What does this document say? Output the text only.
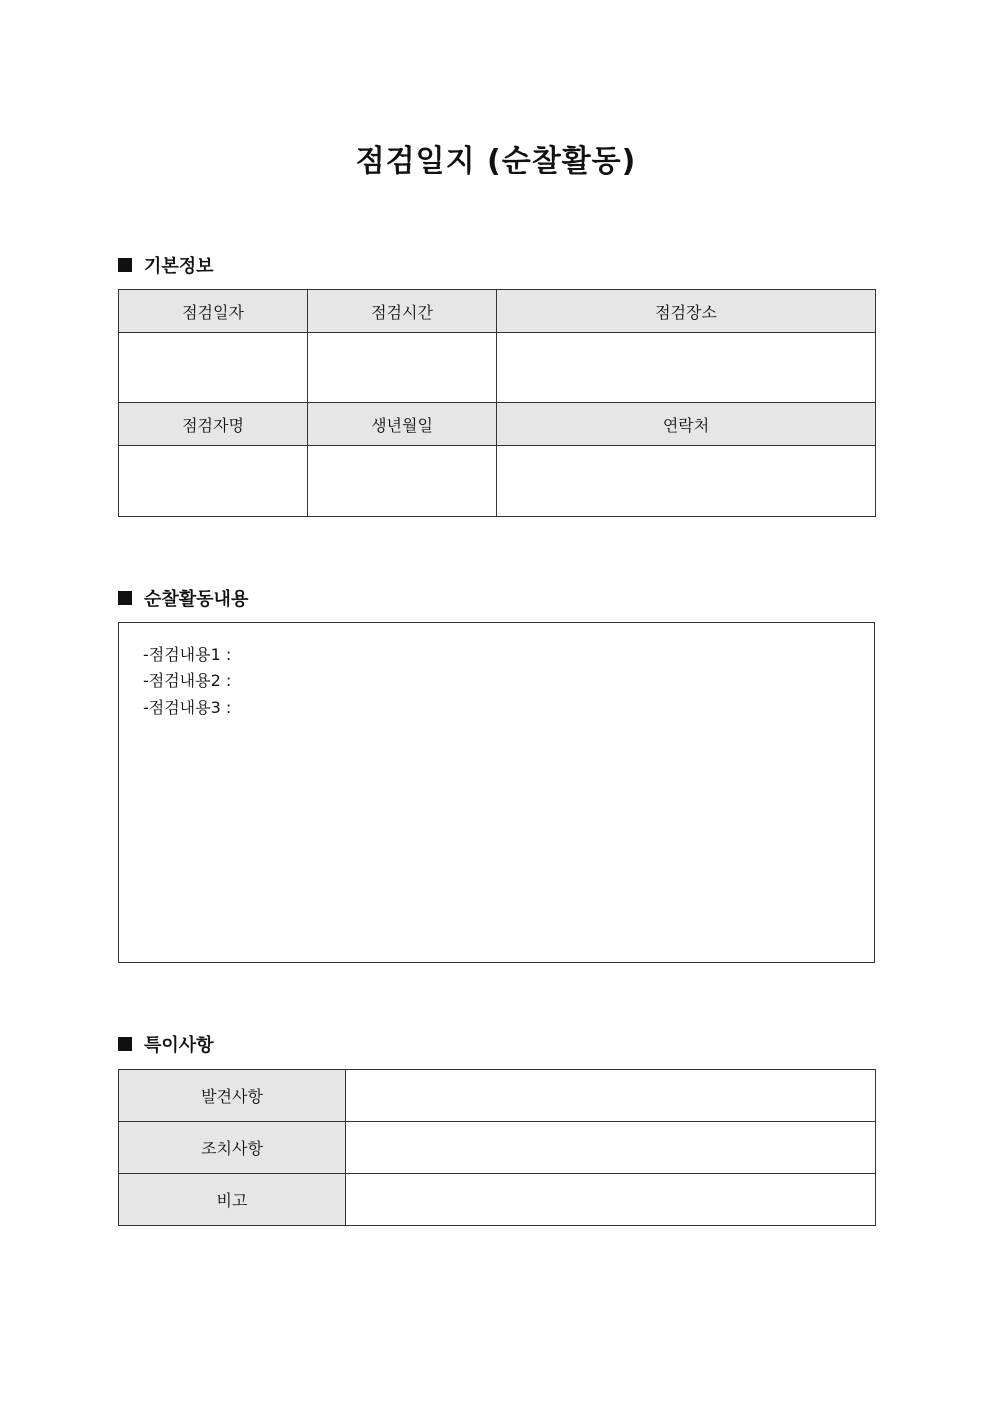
점검일지 (순찰활동)
기본정보
점검일자	점검시간	점검장소

점검자명	생년월일	연락처

순찰활동내용
-점검내용1 :
-점검내용2 :
-점검내용3 :
특이사항
발견사항	
조치사항	
비고	
